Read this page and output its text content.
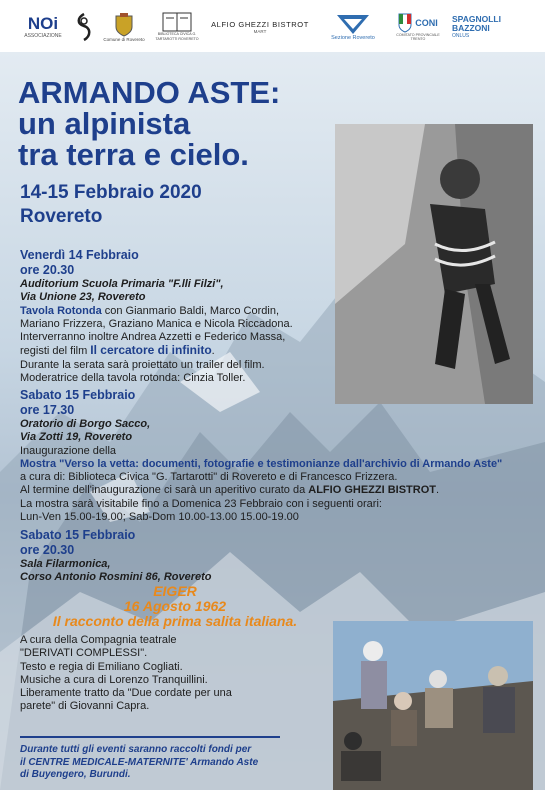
NOi
ASSOCIAZIONE	Comune di Rovereto
BIBLIOTECA CIVICA G. TARTAROTTI ROVERETO
ALFIO GHEZZI BISTROT
MART
Sezione Rovereto
CONI
COMITATO PROVINCIALE TRENTO
SPAGNOLLI
BAZZONI
ONLUS
ARMANDO ASTE:
un alpinista
tra terra e cielo.
14-15 Febbraio 2020
Rovereto
Venerdì 14 Febbraio
ore 20.30
Auditorium Scuola Primaria "F.lli Filzi",
Via Unione 23, Rovereto
Tavola Rotonda con Gianmario Baldi, Marco Cordin,
Mariano Frizzera, Graziano Manica e Nicola Riccadona.
Interverranno inoltre Andrea Azzetti e Federico Massa,
registi del film Il cercatore di infinito.
Durante la serata sarà proiettato un trailer del film.
Moderatrice della tavola rotonda: Cinzia Toller.
Sabato 15 Febbraio
ore 17.30
Oratorio di Borgo Sacco,
Via Zotti 19, Rovereto
Inaugurazione della
Mostra "Verso la vetta: documenti, fotografie e testimonianze dall'archivio di Armando Aste"
a cura di: Biblioteca Civica "G. Tartarotti" di Rovereto e di Francesco Frizzera.
Al termine dell'inaugurazione ci sarà un aperitivo curato da ALFIO GHEZZI BISTROT.
La mostra sarà visitabile fino a Domenica 23 Febbraio con i seguenti orari:
Lun-Ven 15.00-19.00; Sab-Dom 10.00-13.00 15.00-19.00
Sabato 15 Febbraio
ore 20.30
Sala Filarmonica,
Corso Antonio Rosmini 86, Rovereto
EIGER
16 Agosto 1962
Il racconto della prima salita italiana.
A cura della Compagnia teatrale
"DERIVATI COMPLESSI".
Testo e regia di Emiliano Cogliati.
Musiche a cura di Lorenzo Tranquillini.
Liberamente tratto da "Due cordate per una
parete" di Giovanni Capra.
Durante tutti gli eventi saranno raccolti fondi per
il CENTRE MEDICALE-MATERNITE' Armando Aste
di Buyengero, Burundi.
